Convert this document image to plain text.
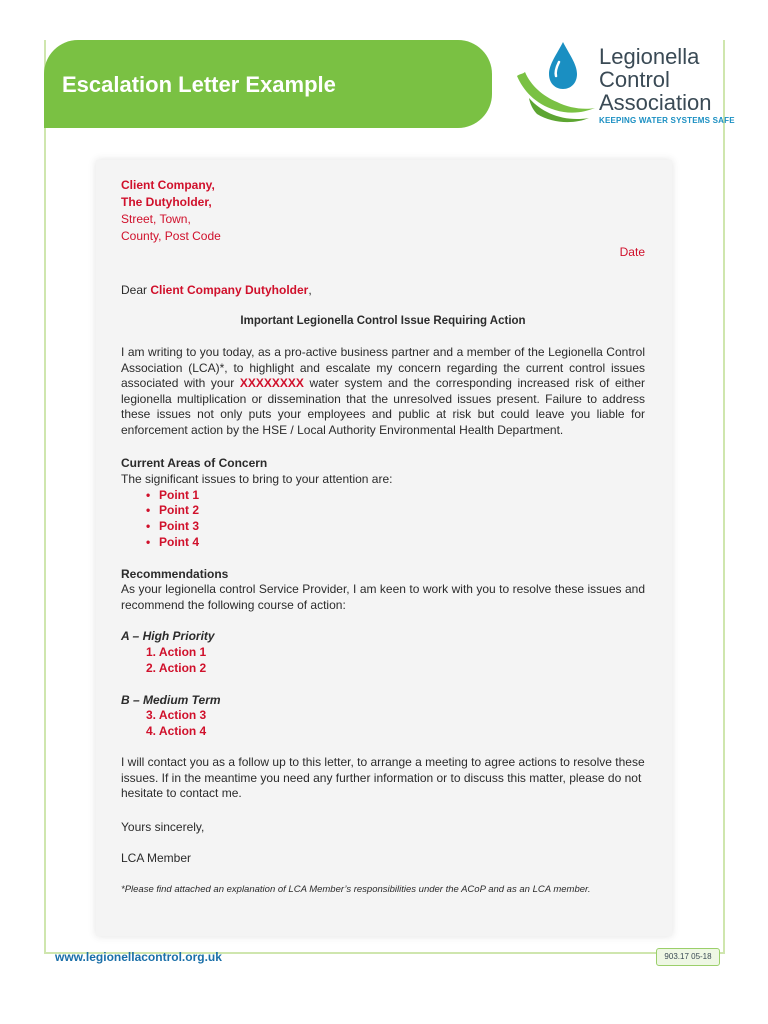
Escalation Letter Example
Legionella
Control
Association
KEEPING WATER SYSTEMS SAFE
Client Company,
The Dutyholder,
Street, Town,
County, Post Code
Date
Dear Client Company Dutyholder,
Important Legionella Control Issue Requiring Action
I am writing to you today, as a pro-active business partner and a member of the Legionella Control Association (LCA)*, to highlight and escalate my concern regarding the current control issues associated with your XXXXXXXX water system and the corresponding increased risk of either legionella multiplication or dissemination that the unresolved issues present. Failure to address these issues not only puts your employees and public at risk but could leave you liable for enforcement action by the HSE / Local Authority Environmental Health Department.
Current Areas of Concern
The significant issues to bring to your attention are:
• Point 1
• Point 2
• Point 3
• Point 4
Recommendations
As your legionella control Service Provider, I am keen to work with you to resolve these issues and recommend the following course of action:
A – High Priority
1. Action 1
2. Action 2
B – Medium Term
3. Action 3
4. Action 4
I will contact you as a follow up to this letter, to arrange a meeting to agree actions to resolve these issues. If in the meantime you need any further information or to discuss this matter, please do not hesitate to contact me.
Yours sincerely,
LCA Member
*Please find attached an explanation of LCA Member’s responsibilities under the ACoP and as an LCA member.
www.legionellacontrol.org.uk	903.17 05-18
